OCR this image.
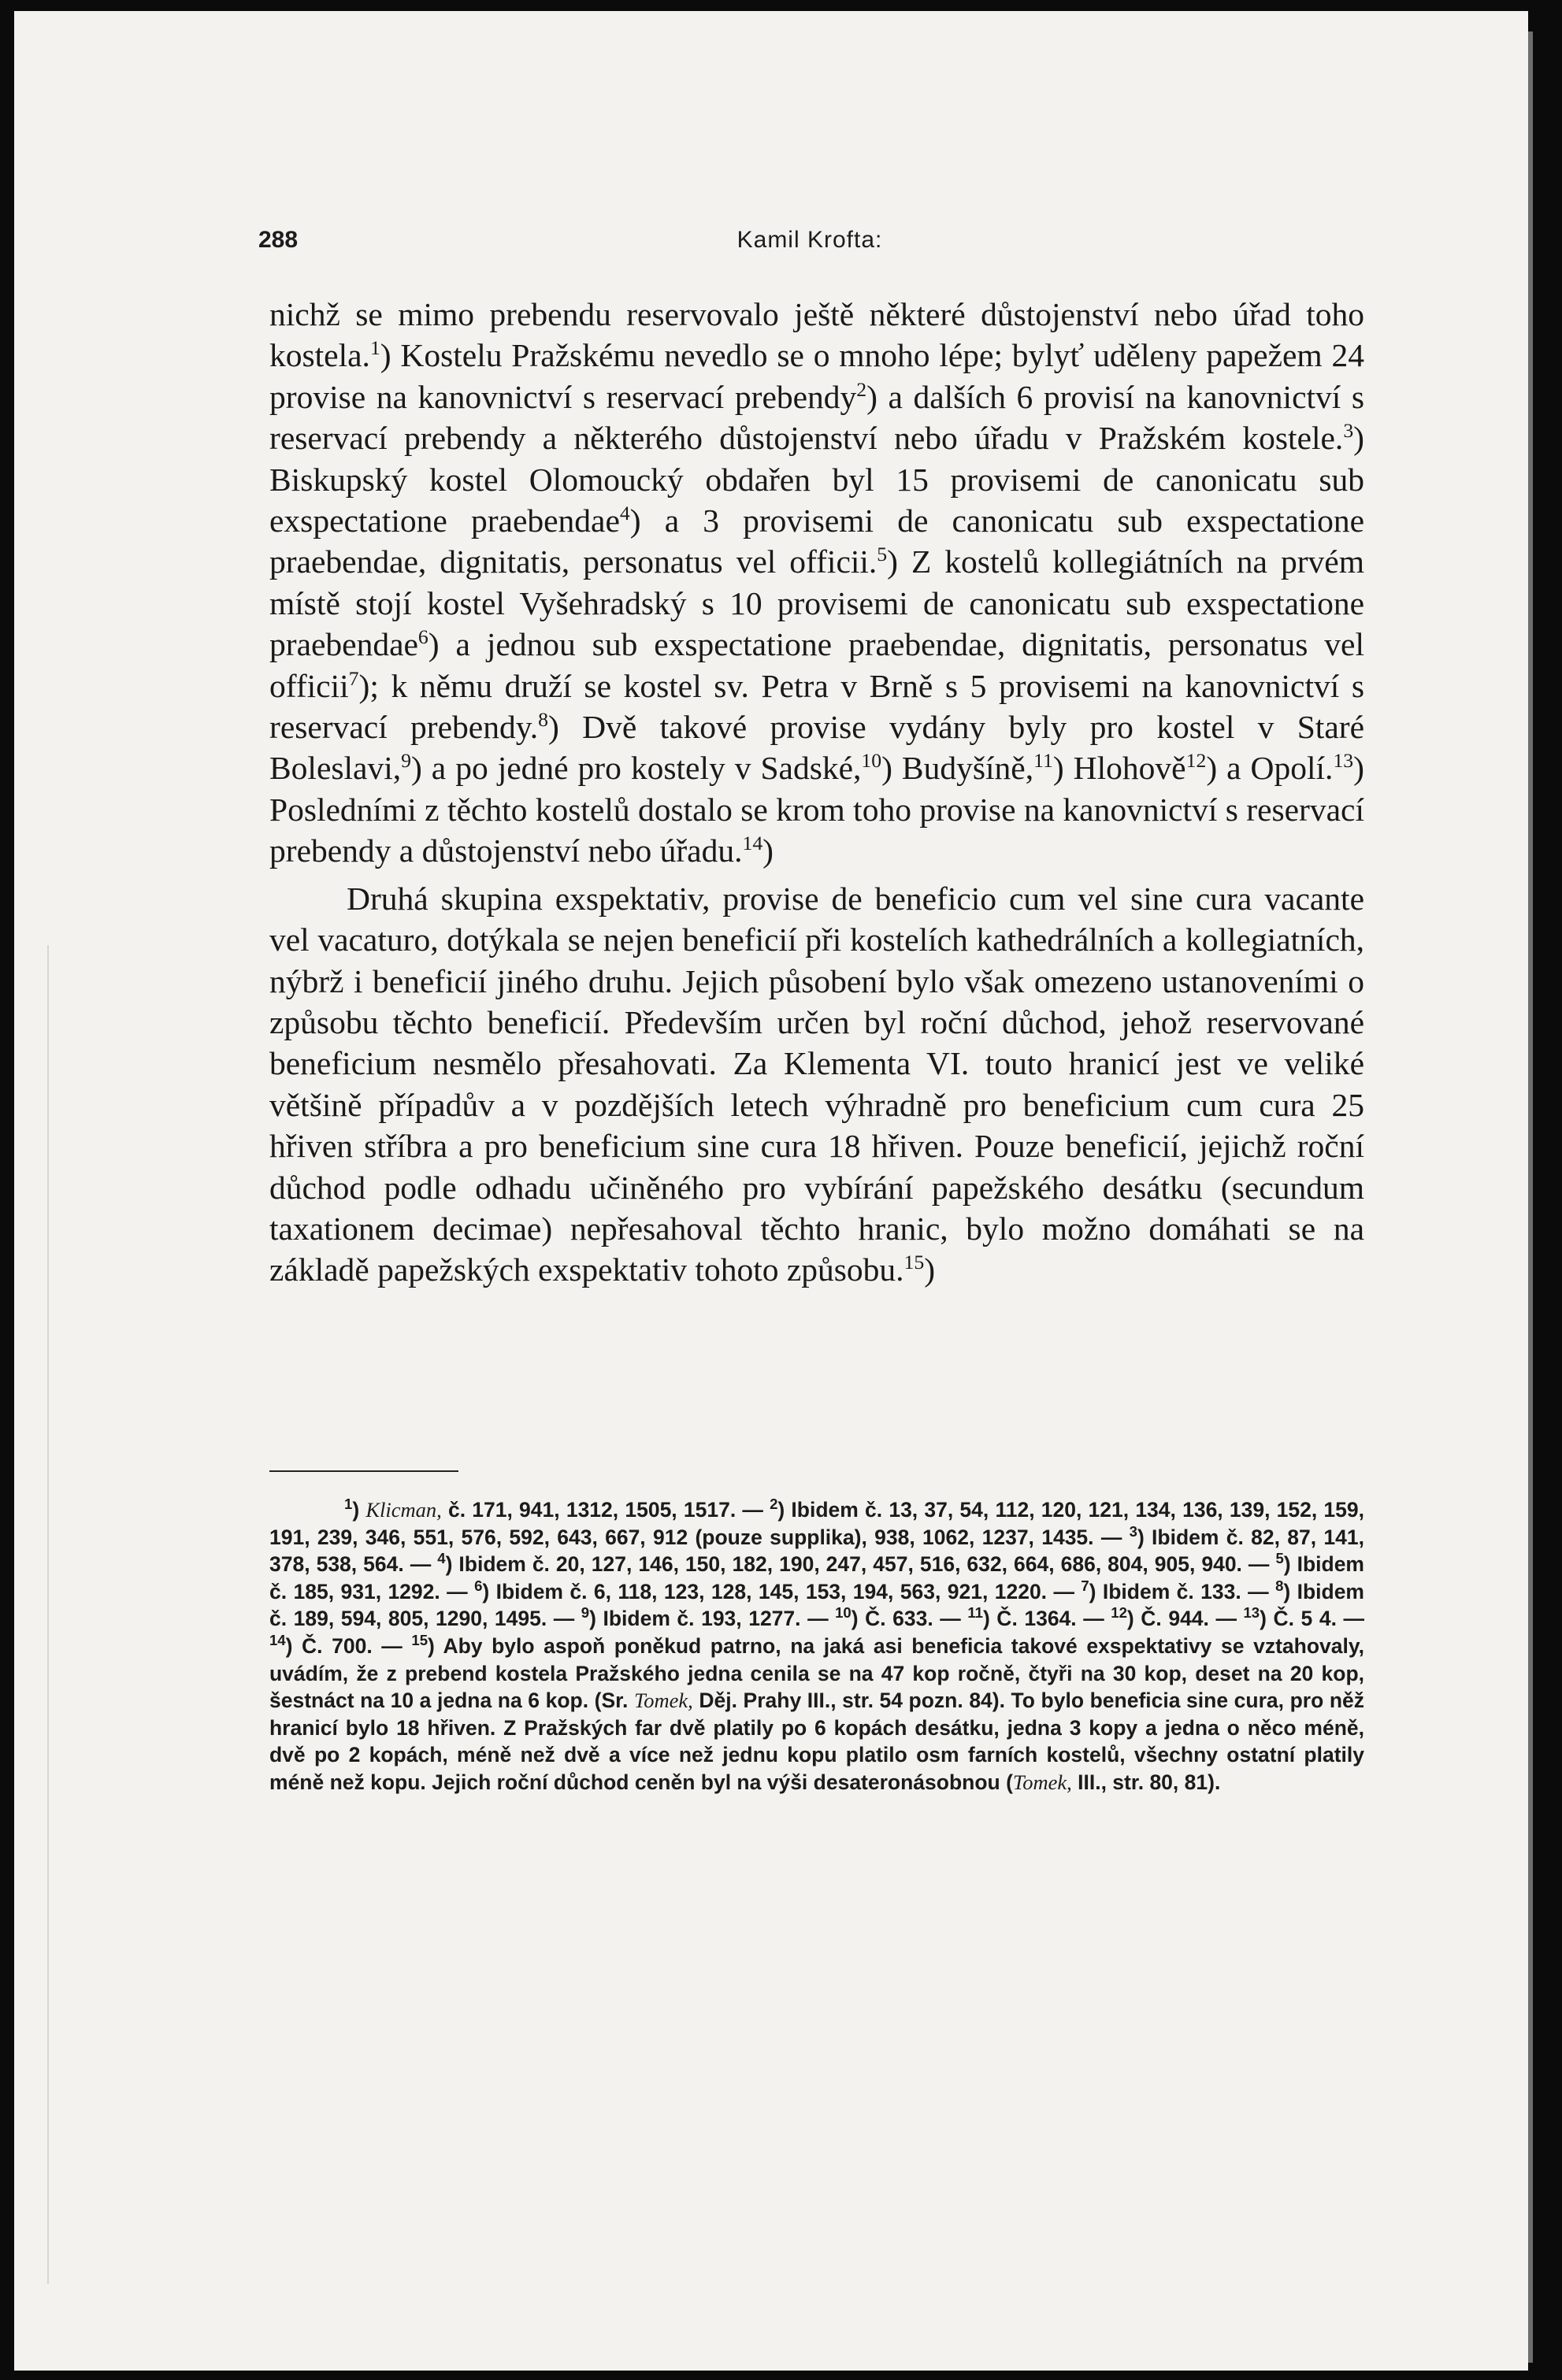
288	Kamil Krofta:

nichž se mimo prebendu reservovalo ještě některé důstojenství nebo úřad toho kostela.$^1$) Kostelu Pražskému nevedlo se o mnoho lépe; bylyť uděleny papežem 24 provise na kanovnictví s reservací prebendy$^2$) a dalších 6 provisí na kanovnictví s reservací prebendy a některého důstojenství nebo úřadu v Pražském kostele.$^3$) Biskupský kostel Olomoucký obdařen byl 15 provisemi de canonicatu sub exspectatione praebendae$^4$) a 3 provisemi de canonicatu sub exspectatione praebendae, dignitatis, personatus vel officii.$^5$) Z kostelů kollegiátních na prvém místě stojí kostel Vyšehradský s 10 provisemi de canonicatu sub exspectatione praebendae$^6$) a jednou sub exspectatione praebendae, dignitatis, personatus vel officii$^7$); k němu druží se kostel sv. Petra v Brně s 5 provisemi na kanovnictví s reservací prebendy.$^8$) Dvě takové provise vydány byly pro kostel v Staré Boleslavi,$^9$) a po jedné pro kostely v Sadské,$^{10}$) Budyšíně,$^{11}$) Hlohově$^{12}$) a Opolí.$^{13}$) Posledními z těchto kostelů dostalo se krom toho provise na kanovnictví s reservací prebendy a důstojenství nebo úřadu.$^{14}$)

Druhá skupina exspektativ, provise de beneficio cum vel sine cura vacante vel vacaturo, dotýkala se nejen beneficií při kostelích kathedrálních a kollegiatních, nýbrž i beneficií jiného druhu. Jejich působení bylo však omezeno ustanoveními o způsobu těchto beneficií. Především určen byl roční důchod, jehož reservované beneficium nesmělo přesahovati. Za Klementa VI. touto hranicí jest ve veliké většině případův a v pozdějších letech výhradně pro beneficium cum cura 25 hřiven stříbra a pro beneficium sine cura 18 hřiven. Pouze beneficií, jejichž roční důchod podle odhadu učiněného pro vybírání papežského desátku (secundum taxationem decimae) nepřesahoval těchto hranic, bylo možno domáhati se na základě papežských exspektativ tohoto způsobu.$^{15}$)

$^1$) Klicman, č. 171, 941, 1312, 1505, 1517. — $^2$) Ibidem č. 13, 37, 54, 112, 120, 121, 134, 136, 139, 152, 159, 191, 239, 346, 551, 576, 592, 643, 667, 912 (pouze supplika), 938, 1062, 1237, 1435. — $^3$) Ibidem č. 82, 87, 141, 378, 538, 564. — $^4$) Ibidem č. 20, 127, 146, 150, 182, 190, 247, 457, 516, 632, 664, 686, 804, 905, 940. — $^5$) Ibidem č. 185, 931, 1292. — $^6$) Ibidem č. 6, 118, 123, 128, 145, 153, 194, 563, 921, 1220. — $^7$) Ibidem č. 133. — $^8$) Ibidem č. 189, 594, 805, 1290, 1495. — $^9$) Ibidem č. 193, 1277. — $^{10}$) Č. 633. — $^{11}$) Č. 1364. — $^{12}$) Č. 944. — $^{13}$) Č. 5 4. — $^{14}$) Č. 700. — $^{15}$) Aby bylo aspoň poněkud patrno, na jaká asi beneficia takové exspektativy se vztahovaly, uvádím, že z prebend kostela Pražského jedna cenila se na 47 kop ročně, čtyři na 30 kop, deset na 20 kop, šestnáct na 10 a jedna na 6 kop. (Sr. Tomek, Děj. Prahy III., str. 54 pozn. 84). To bylo beneficia sine cura, pro něž hranicí bylo 18 hřiven. Z Pražských far dvě platily po 6 kopách desátku, jedna 3 kopy a jedna o něco méně, dvě po 2 kopách, méně než dvě a více než jednu kopu platilo osm farních kostelů, všechny ostatní platily méně než kopu. Jejich roční důchod ceněn byl na výši desateronásobnou (Tomek, III., str. 80, 81).
